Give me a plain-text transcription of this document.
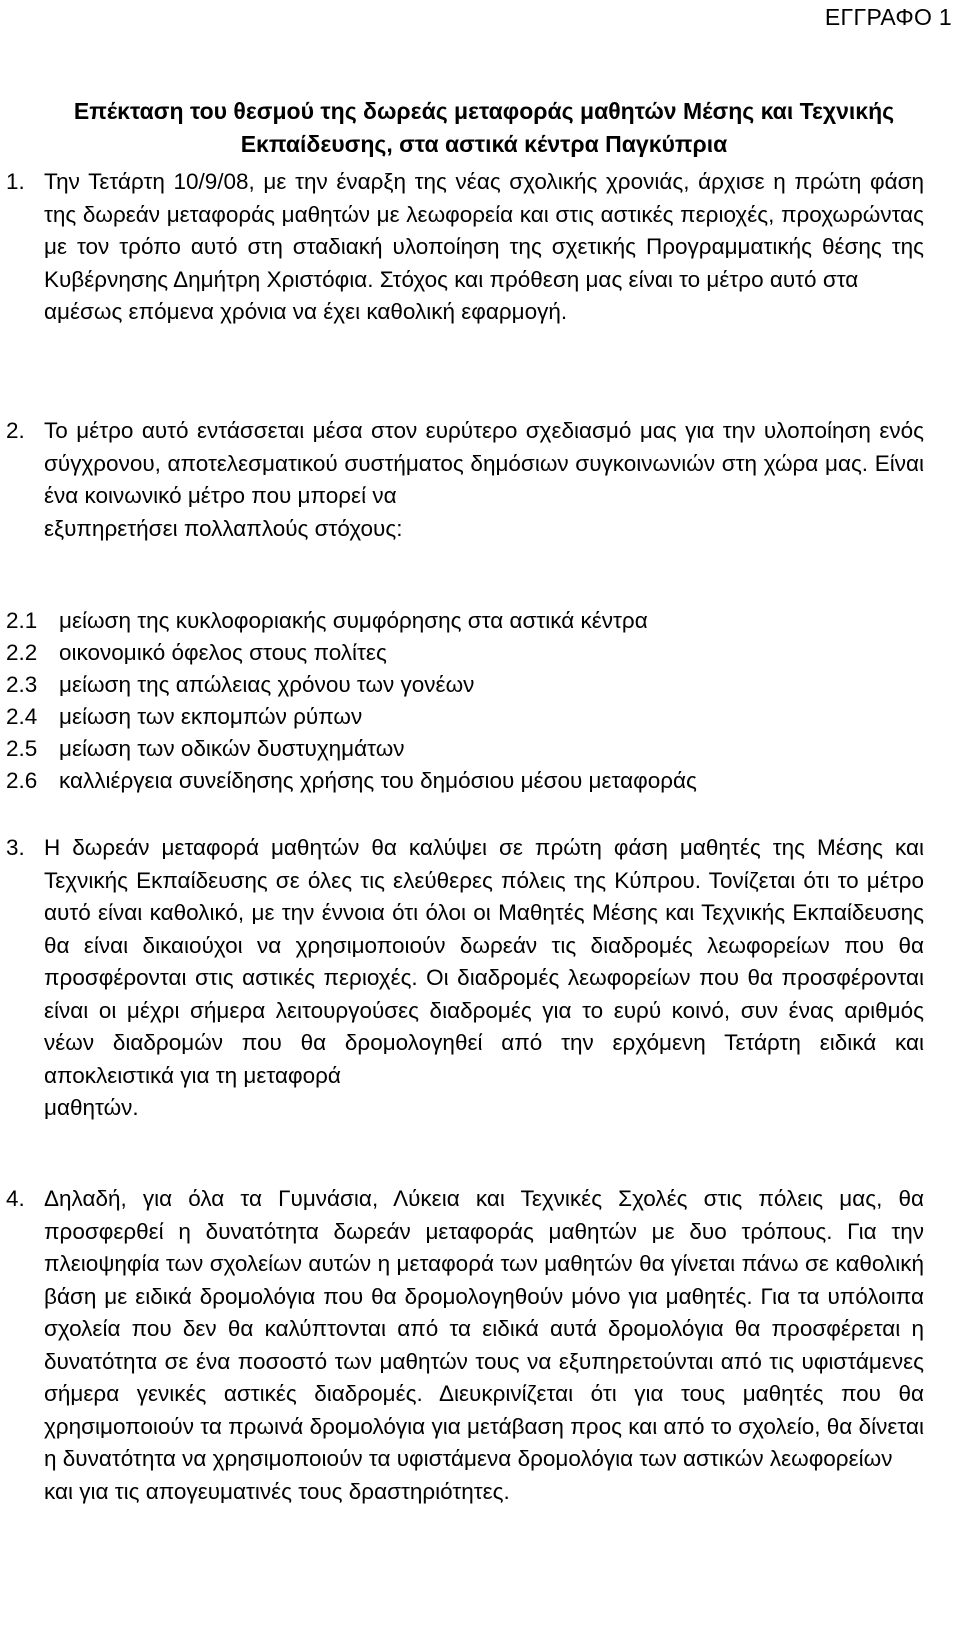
ΕΓΓΡΑΦΟ 1
Επέκταση του θεσμού της δωρεάς μεταφοράς μαθητών Μέσης και Τεχνικής Εκπαίδευσης, στα αστικά κέντρα Παγκύπρια
1. Την Τετάρτη 10/9/08, με την έναρξη της νέας σχολικής χρονιάς, άρχισε η πρώτη φάση της δωρεάν μεταφοράς μαθητών με λεωφορεία και στις αστικές περιοχές, προχωρώντας με τον τρόπο αυτό στη σταδιακή υλοποίηση της σχετικής Προγραμματικής θέσης της Κυβέρνησης Δημήτρη Χριστόφια. Στόχος και πρόθεση μας είναι το μέτρο αυτό στα
αμέσως επόμενα χρόνια να έχει καθολική εφαρμογή.
2. Το μέτρο αυτό εντάσσεται μέσα στον ευρύτερο σχεδιασμό μας για την υλοποίηση ενός σύγχρονου, αποτελεσματικού συστήματος δημόσιων συγκοινωνιών στη χώρα μας. Είναι ένα κοινωνικό μέτρο που μπορεί να
εξυπηρετήσει πολλαπλούς στόχους:
2.1 μείωση της κυκλοφοριακής συμφόρησης στα αστικά κέντρα
2.2 οικονομικό όφελος στους πολίτες
2.3 μείωση της απώλειας χρόνου των γονέων
2.4 μείωση των εκπομπών ρύπων
2.5 μείωση των οδικών δυστυχημάτων
2.6 καλλιέργεια συνείδησης χρήσης του δημόσιου μέσου μεταφοράς
3. Η δωρεάν μεταφορά μαθητών θα καλύψει σε πρώτη φάση μαθητές της Μέσης και Τεχνικής Εκπαίδευσης σε όλες τις ελεύθερες πόλεις της Κύπρου. Τονίζεται ότι το μέτρο αυτό είναι καθολικό, με την έννοια ότι όλοι οι Μαθητές Μέσης και Τεχνικής Εκπαίδευσης θα είναι δικαιούχοι να χρησιμοποιούν δωρεάν τις διαδρομές λεωφορείων που θα προσφέρονται στις αστικές περιοχές. Οι διαδρομές λεωφορείων που θα προσφέρονται είναι οι μέχρι σήμερα λειτουργούσες διαδρομές για το ευρύ κοινό, συν ένας αριθμός νέων διαδρομών που θα δρομολογηθεί από την ερχόμενη Τετάρτη ειδικά και αποκλειστικά για τη μεταφορά
μαθητών.
4. Δηλαδή, για όλα τα Γυμνάσια, Λύκεια και Τεχνικές Σχολές στις πόλεις μας, θα προσφερθεί η δυνατότητα δωρεάν μεταφοράς μαθητών με δυο τρόπους. Για την πλειοψηφία των σχολείων αυτών η μεταφορά των μαθητών θα γίνεται πάνω σε καθολική βάση με ειδικά δρομολόγια που θα δρομολογηθούν μόνο για μαθητές. Για τα υπόλοιπα σχολεία που δεν θα καλύπτονται από τα ειδικά αυτά δρομολόγια θα προσφέρεται η δυνατότητα σε ένα ποσοστό των μαθητών τους να εξυπηρετούνται από τις υφιστάμενες σήμερα γενικές αστικές διαδρομές. Διευκρινίζεται ότι για τους μαθητές που θα χρησιμοποιούν τα πρωινά δρομολόγια για μετάβαση προς και από το σχολείο, θα δίνεται η δυνατότητα να χρησιμοποιούν τα υφιστάμενα δρομολόγια των αστικών λεωφορείων
και για τις απογευματινές τους δραστηριότητες.
